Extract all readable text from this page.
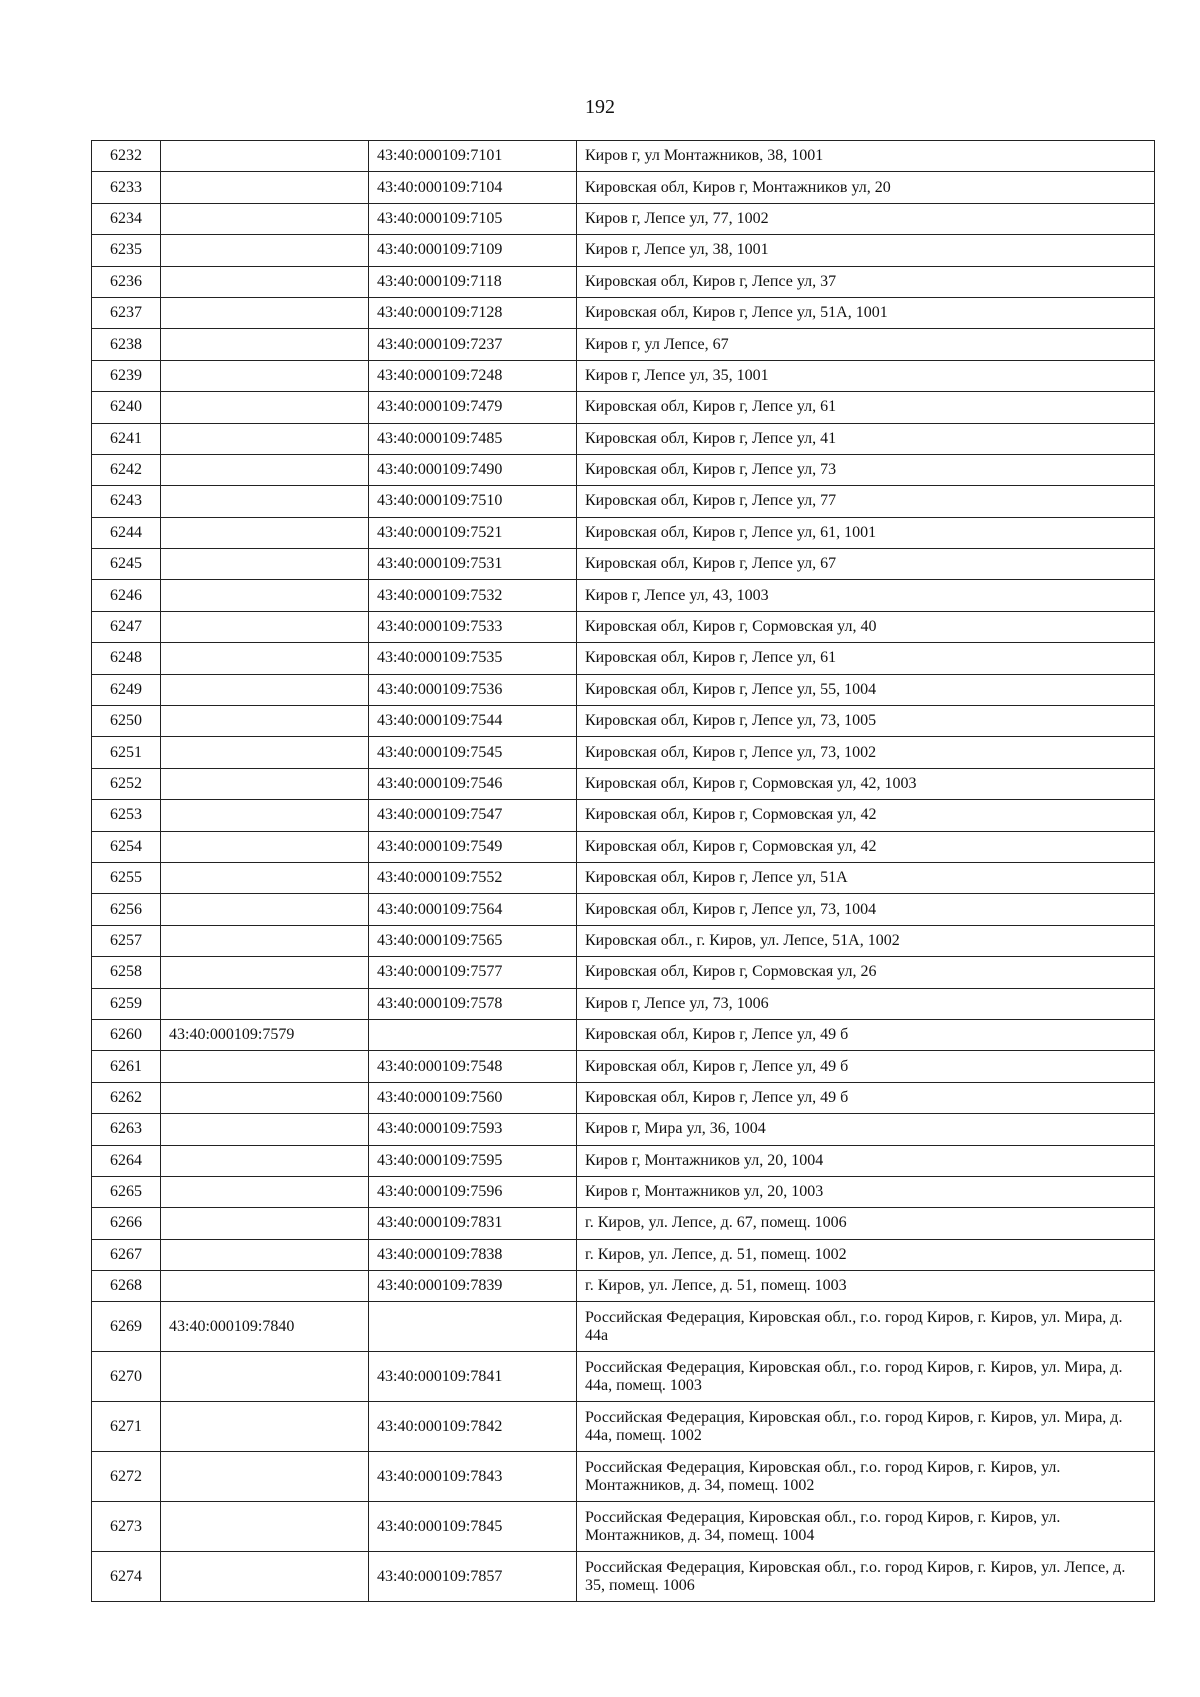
192
6232		43:40:000109:7101	Киров г, ул Монтажников, 38, 1001
6233		43:40:000109:7104	Кировская обл, Киров г, Монтажников ул, 20
6234		43:40:000109:7105	Киров г, Лепсе ул, 77, 1002
6235		43:40:000109:7109	Киров г, Лепсе ул, 38, 1001
6236		43:40:000109:7118	Кировская обл, Киров г, Лепсе ул, 37
6237		43:40:000109:7128	Кировская обл, Киров г, Лепсе ул, 51А, 1001
6238		43:40:000109:7237	Киров г, ул Лепсе, 67
6239		43:40:000109:7248	Киров г, Лепсе ул, 35, 1001
6240		43:40:000109:7479	Кировская обл, Киров г, Лепсе ул, 61
6241		43:40:000109:7485	Кировская обл, Киров г, Лепсе ул, 41
6242		43:40:000109:7490	Кировская обл, Киров г, Лепсе ул, 73
6243		43:40:000109:7510	Кировская обл, Киров г, Лепсе ул, 77
6244		43:40:000109:7521	Кировская обл, Киров г, Лепсе ул, 61, 1001
6245		43:40:000109:7531	Кировская обл, Киров г, Лепсе ул, 67
6246		43:40:000109:7532	Киров г, Лепсе ул, 43, 1003
6247		43:40:000109:7533	Кировская обл, Киров г, Сормовская ул, 40
6248		43:40:000109:7535	Кировская обл, Киров г, Лепсе ул, 61
6249		43:40:000109:7536	Кировская обл, Киров г, Лепсе ул, 55, 1004
6250		43:40:000109:7544	Кировская обл, Киров г, Лепсе ул, 73, 1005
6251		43:40:000109:7545	Кировская обл, Киров г, Лепсе ул, 73, 1002
6252		43:40:000109:7546	Кировская обл, Киров г, Сормовская ул, 42, 1003
6253		43:40:000109:7547	Кировская обл, Киров г, Сормовская ул, 42
6254		43:40:000109:7549	Кировская обл, Киров г, Сормовская ул, 42
6255		43:40:000109:7552	Кировская обл, Киров г, Лепсе ул, 51А
6256		43:40:000109:7564	Кировская обл, Киров г, Лепсе ул, 73, 1004
6257		43:40:000109:7565	Кировская обл., г. Киров, ул. Лепсе, 51А, 1002
6258		43:40:000109:7577	Кировская обл, Киров г, Сормовская ул, 26
6259		43:40:000109:7578	Киров г, Лепсе ул, 73, 1006
6260	43:40:000109:7579		Кировская обл, Киров г, Лепсе ул, 49 б
6261		43:40:000109:7548	Кировская обл, Киров г, Лепсе ул, 49 б
6262		43:40:000109:7560	Кировская обл, Киров г, Лепсе ул, 49 б
6263		43:40:000109:7593	Киров г, Мира ул, 36, 1004
6264		43:40:000109:7595	Киров г, Монтажников ул, 20, 1004
6265		43:40:000109:7596	Киров г, Монтажников ул, 20, 1003
6266		43:40:000109:7831	г. Киров, ул. Лепсе, д. 67, помещ. 1006
6267		43:40:000109:7838	г. Киров, ул. Лепсе, д. 51, помещ. 1002
6268		43:40:000109:7839	г. Киров, ул. Лепсе, д. 51, помещ. 1003
6269	43:40:000109:7840		Российская Федерация, Кировская обл., г.о. город Киров, г. Киров, ул. Мира, д. 44а
6270		43:40:000109:7841	Российская Федерация, Кировская обл., г.о. город Киров, г. Киров, ул. Мира, д. 44а, помещ. 1003
6271		43:40:000109:7842	Российская Федерация, Кировская обл., г.о. город Киров, г. Киров, ул. Мира, д. 44а, помещ. 1002
6272		43:40:000109:7843	Российская Федерация, Кировская обл., г.о. город Киров, г. Киров, ул. Монтажников, д. 34, помещ. 1002
6273		43:40:000109:7845	Российская Федерация, Кировская обл., г.о. город Киров, г. Киров, ул. Монтажников, д. 34, помещ. 1004
6274		43:40:000109:7857	Российская Федерация, Кировская обл., г.о. город Киров, г. Киров, ул. Лепсе, д. 35, помещ. 1006
